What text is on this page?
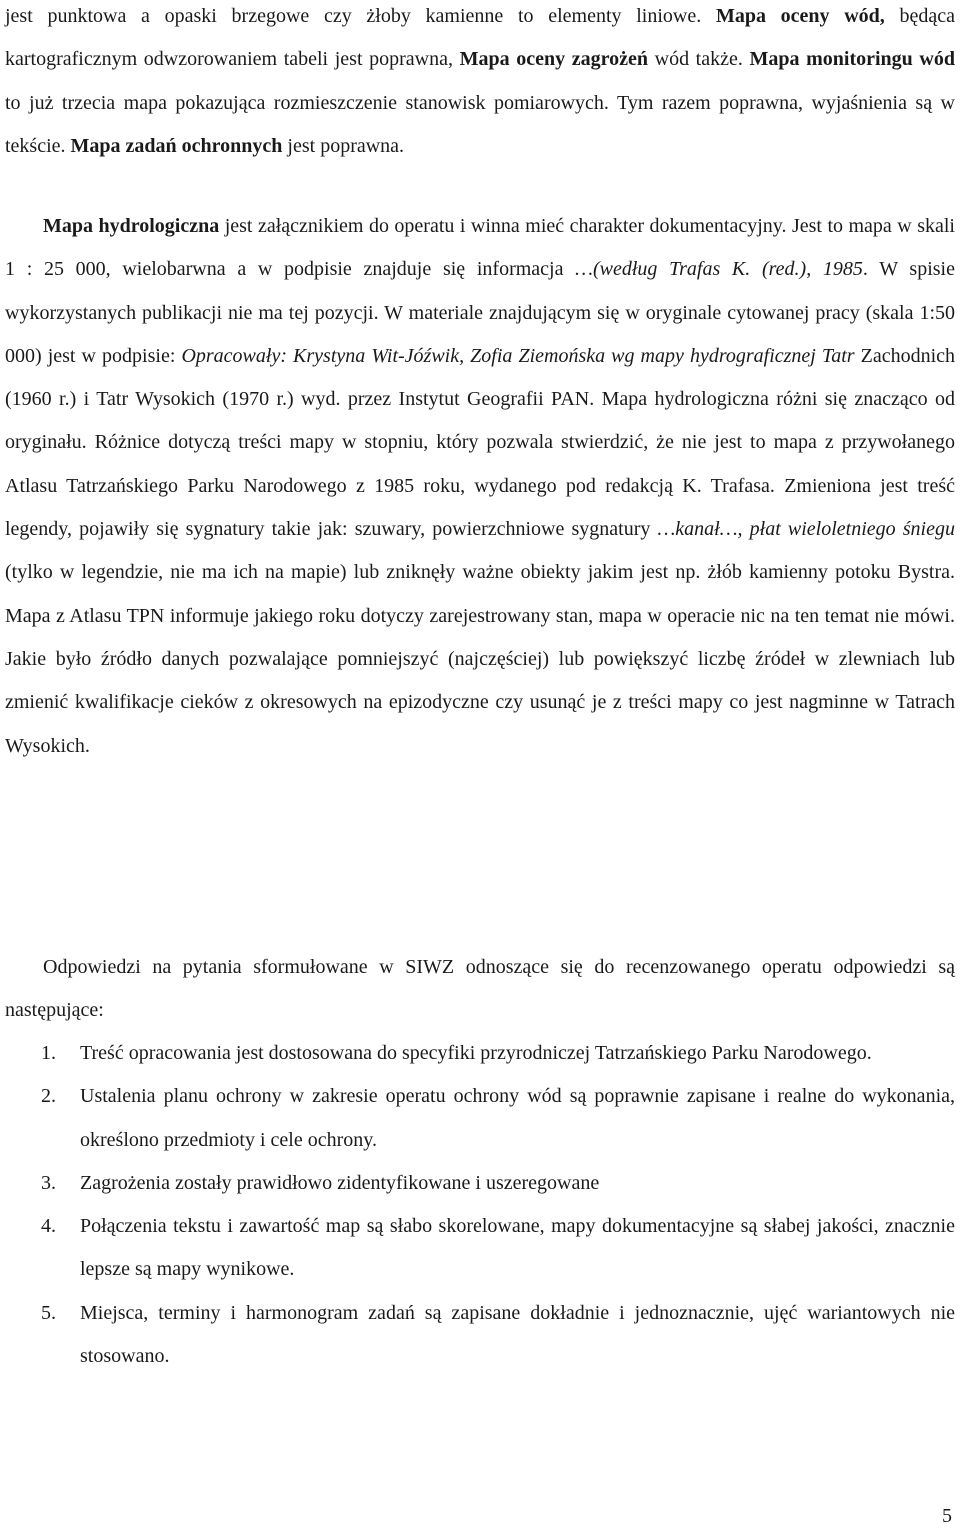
jest punktowa a opaski brzegowe czy żłoby kamienne to elementy liniowe. Mapa oceny wód, będąca kartograficznym odwzorowaniem tabeli jest poprawna, Mapa oceny zagrożeń wód także. Mapa monitoringu wód to już trzecia mapa pokazująca rozmieszczenie stanowisk pomiarowych. Tym razem poprawna, wyjaśnienia są w tekście. Mapa zadań ochronnych jest poprawna.

Mapa hydrologiczna jest załącznikiem do operatu i winna mieć charakter dokumentacyjny. Jest to mapa w skali 1 : 25 000, wielobarwna a w podpisie znajduje się informacja …(według Trafas K. (red.), 1985. W spisie wykorzystanych publikacji nie ma tej pozycji. W materiale znajdującym się w oryginale cytowanej pracy (skala 1:50 000) jest w podpisie: Opracowały: Krystyna Wit-Jóźwik, Zofia Ziemońska wg mapy hydrograficznej Tatr Zachodnich (1960 r.) i Tatr Wysokich (1970 r.) wyd. przez Instytut Geografii PAN. Mapa hydrologiczna różni się znacząco od oryginału. Różnice dotyczą treści mapy w stopniu, który pozwala stwierdzić, że nie jest to mapa z przywołanego Atlasu Tatrzańskiego Parku Narodowego z 1985 roku, wydanego pod redakcją K. Trafasa. Zmieniona jest treść legendy, pojawiły się sygnatury takie jak: szuwary, powierzchniowe sygnatury …kanał…, płat wieloletniego śniegu (tylko w legendzie, nie ma ich na mapie) lub zniknęły ważne obiekty jakim jest np. żłób kamienny potoku Bystra. Mapa z Atlasu TPN informuje jakiego roku dotyczy zarejestrowany stan, mapa w operacie nic na ten temat nie mówi. Jakie było źródło danych pozwalające pomniejszyć (najczęściej) lub powiększyć liczbę źródeł w zlewniach lub zmienić kwalifikacje cieków z okresowych na epizodyczne czy usunąć je z treści mapy co jest nagminne w Tatrach Wysokich.

Odpowiedzi na pytania sformułowane w SIWZ odnoszące się do recenzowanego operatu odpowiedzi są następujące:

1. Treść opracowania jest dostosowana do specyfiki przyrodniczej Tatrzańskiego Parku Narodowego.
2. Ustalenia planu ochrony w zakresie operatu ochrony wód są poprawnie zapisane i realne do wykonania, określono przedmioty i cele ochrony.
3. Zagrożenia zostały prawidłowo zidentyfikowane i uszeregowane
4. Połączenia tekstu i zawartość map są słabo skorelowane, mapy dokumentacyjne są słabej jakości, znacznie lepsze są mapy wynikowe.
5. Miejsca, terminy i harmonogram zadań są zapisane dokładnie i jednoznacznie, ujęć wariantowych nie stosowano.
5
